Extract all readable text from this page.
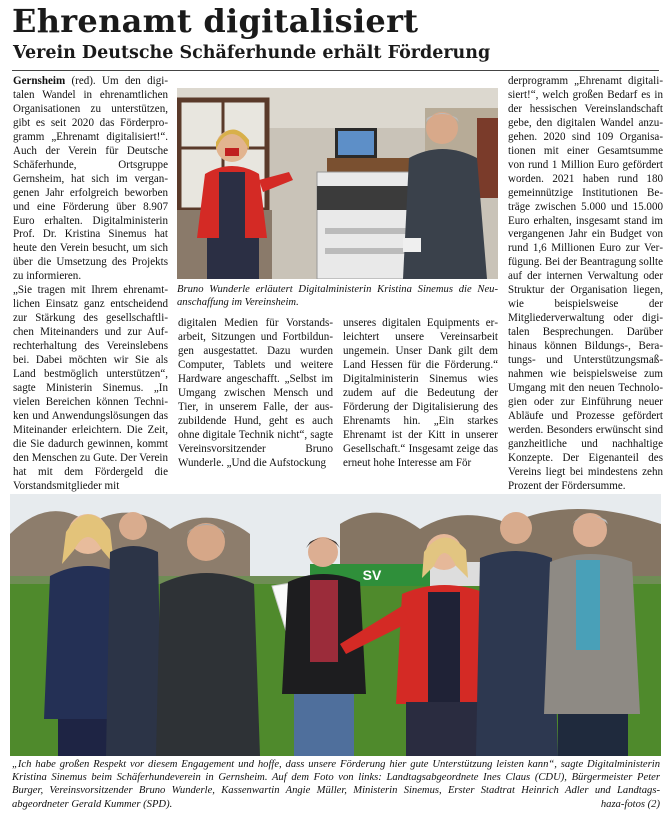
Ehrenamt digitalisiert
Verein Deutsche Schäferhunde erhält Förderung

Gernsheim (red). Um den digitalen Wandel in ehrenamtlichen Organisationen zu unterstützen, gibt es seit 2020 das Förderprogramm „Ehrenamt digitalisiert!“. Auch der Verein für Deutsche Schäferhunde, Ortsgruppe Gernsheim, hat sich im vergangenen Jahr erfolgreich beworben und eine Förderung über 8.907 Euro erhalten. Digitalministerin Prof. Dr. Kristina Sinemus hat heute den Verein besucht, um sich über die Umsetzung des Projekts zu informieren.

„Sie tragen mit Ihrem ehrenamtlichen Einsatz ganz entscheidend zur Stärkung des gesellschaftlichen Miteinanders und zur Aufrechterhaltung des Vereinslebens bei. Dabei möchten wir Sie als Land bestmöglich unterstützen“, sagte Ministerin Sinemus. „In vielen Bereichen können Techniken und Anwendungslösungen das Miteinander erleichtern. Die Zeit, die Sie dadurch gewinnen, kommt den Menschen zu Gute. Der Verein hat mit dem Fördergeld die Vorstandsmitglieder mit

Bruno Wunderle erläutert Digitalministerin Kristina Sinemus die Neuanschaffung im Vereinsheim.

digitalen Medien für Vorstandsarbeit, Sitzungen und Fortbildungen ausgestattet. Dazu wurden Computer, Tablets und weitere Hardware angeschafft. „Selbst im Umgang zwischen Mensch und Tier, in unserem Falle, der auszubildende Hund, geht es auch ohne digitale Technik nicht“, sagte Vereinsvorsitzender Bruno Wunderle. „Und die Aufstockung

unseres digitalen Equipments erleichtert unsere Vereinsarbeit ungemein. Unser Dank gilt dem Land Hessen für die Förderung.“ Digitalministerin Sinemus wies zudem auf die Bedeutung der Förderung der Digitalisierung des Ehrenamts hin. „Ein starkes Ehrenamt ist der Kitt in unserer Gesellschaft.“ Insgesamt zeige das erneut hohe Interesse am För

derprogramm „Ehrenamt digitalisiert!“, welch großen Bedarf es in der hessischen Vereinslandschaft gebe, den digitalen Wandel anzugehen. 2020 sind 109 Organisationen mit einer Gesamtsumme von rund 1 Million Euro gefördert worden. 2021 haben rund 180 gemeinnützige Institutionen Beträge zwischen 5.000 und 15.000 Euro erhalten, insgesamt stand im vergangenen Jahr ein Budget von rund 1,6 Millionen Euro zur Verfügung. Bei der Beantragung sollte auf der internen Verwaltung oder Struktur der Organisation liegen, wie beispielsweise der Mitgliederverwaltung oder digitalen Besprechungen. Darüber hinaus können Bildungs-, Beratungs- und Unterstützungsmaßnahmen wie beispielsweise zum Umgang mit den neuen Technologien oder zur Einführung neuer Abläufe und Prozesse gefördert werden. Besonders erwünscht sind ganzheitliche und nachhaltige Konzepte. Der Eigenanteil des Vereins liegt bei mindestens zehn Prozent der Fördersumme.

SV
„Ich habe großen Respekt vor diesem Engagement und hoffe, dass unsere Förderung hier gute Unterstützung leisten kann“, sagte Digitalministerin Kristina Sinemus beim Schäferhundeverein in Gernsheim. Auf dem Foto von links: Landtagsabgeordnete Ines Claus (CDU), Bürgermeister Peter Burger, Vereinsvorsitzender Bruno Wunderle, Kassenwartin Angie Müller, Ministerin Sinemus, Erster Stadtrat Heinrich Adler und Landtagsabgeordneter Gerald Kummer (SPD).	haza-fotos (2)
